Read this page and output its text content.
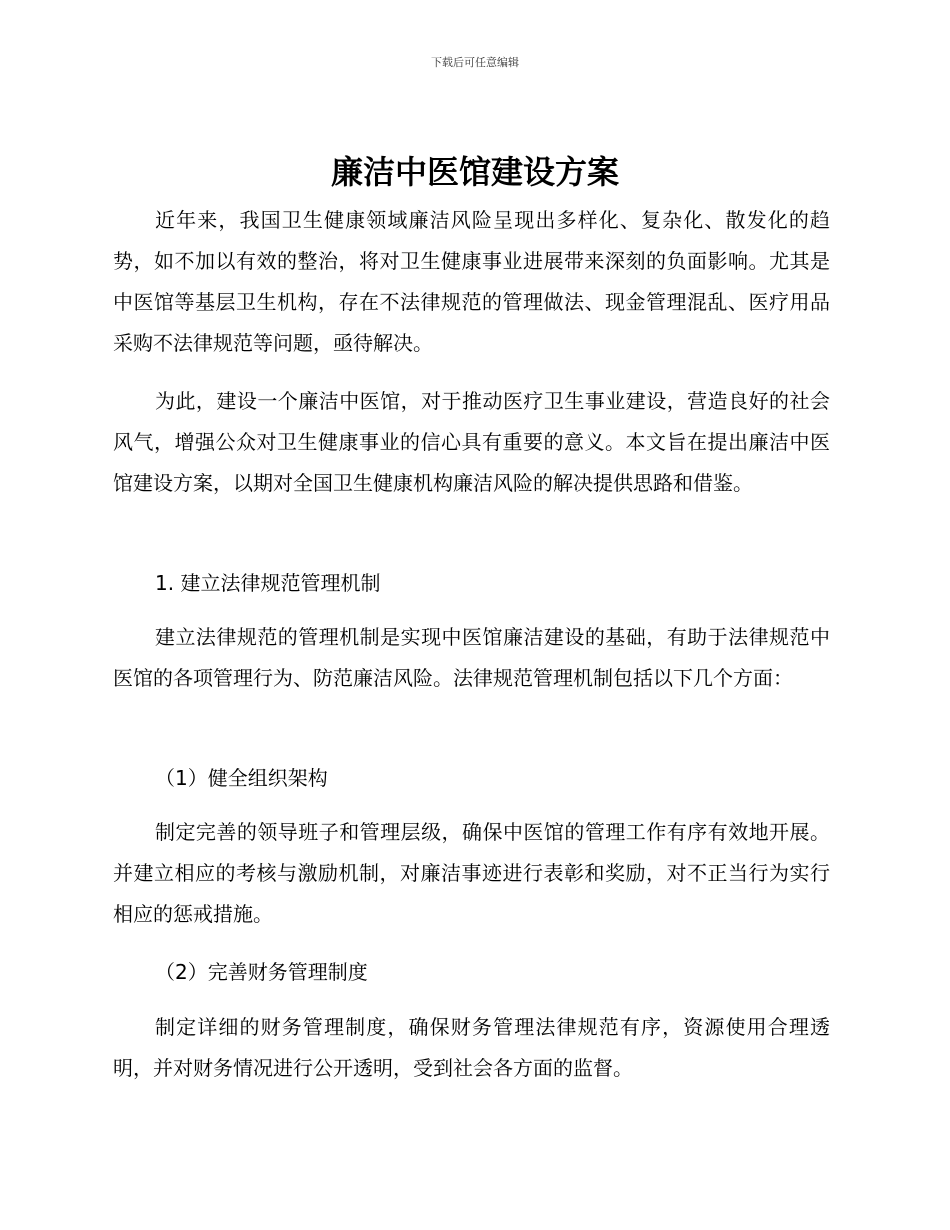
下载后可任意编辑
廉洁中医馆建设方案

近年来，我国卫生健康领域廉洁风险呈现出多样化、复杂化、散发化的趋势，如不加以有效的整治，将对卫生健康事业进展带来深刻的负面影响。尤其是中医馆等基层卫生机构，存在不法律规范的管理做法、现金管理混乱、医疗用品采购不法律规范等问题，亟待解决。

为此，建设一个廉洁中医馆，对于推动医疗卫生事业建设，营造良好的社会风气，增强公众对卫生健康事业的信心具有重要的意义。本文旨在提出廉洁中医馆建设方案，以期对全国卫生健康机构廉洁风险的解决提供思路和借鉴。

1. 建立法律规范管理机制

建立法律规范的管理机制是实现中医馆廉洁建设的基础，有助于法律规范中医馆的各项管理行为、防范廉洁风险。法律规范管理机制包括以下几个方面：

（1）健全组织架构

制定完善的领导班子和管理层级，确保中医馆的管理工作有序有效地开展。并建立相应的考核与激励机制，对廉洁事迹进行表彰和奖励，对不正当行为实行相应的惩戒措施。

（2）完善财务管理制度

制定详细的财务管理制度，确保财务管理法律规范有序，资源使用合理透明，并对财务情况进行公开透明，受到社会各方面的监督。
